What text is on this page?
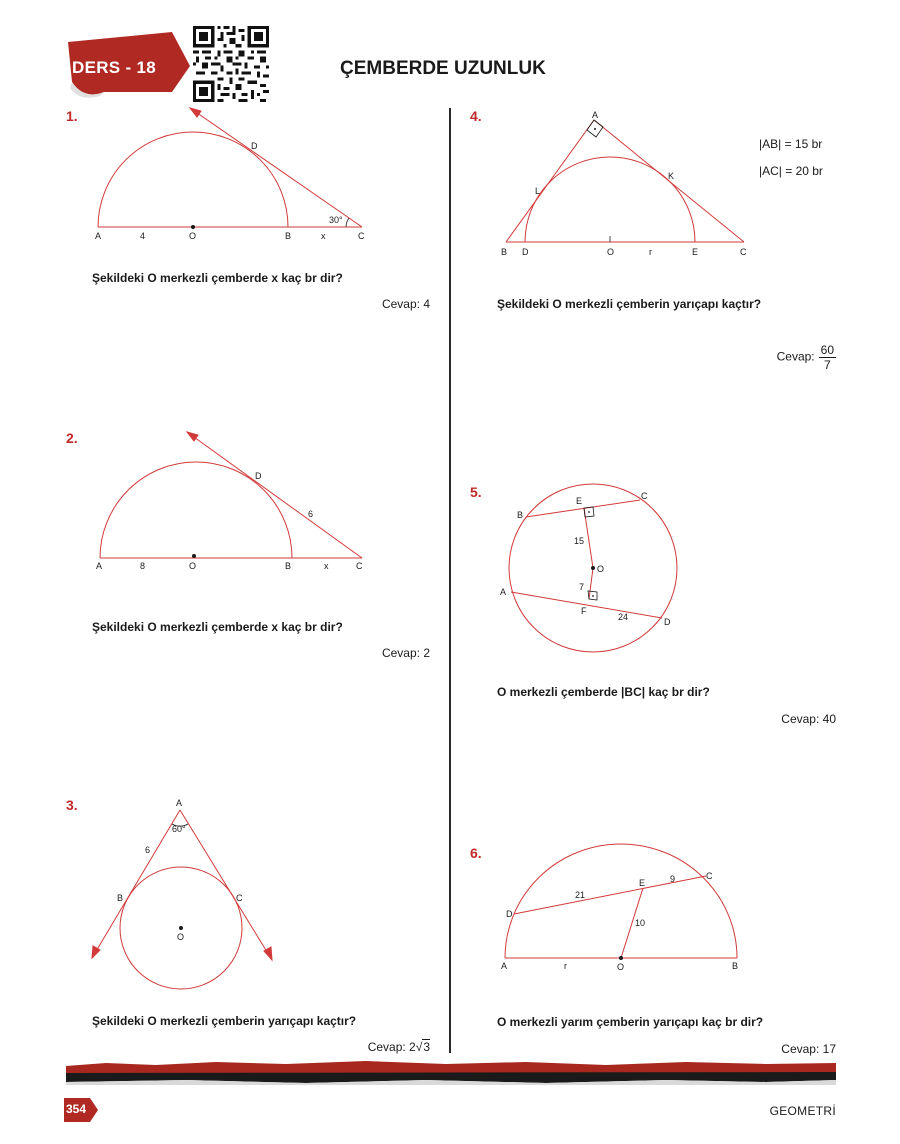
DERS - 18	ÇEMBERDE UZUNLUK
1.
A	4	O	B	x	C
D
30°
Şekildeki O merkezli çemberde x kaç br dir?
Cevap: 4
2.
A	8	O	B	x	C
D
6
Şekildeki O merkezli çemberde x kaç br dir?
Cevap: 2
3.	A
60°
6
B	C
O
Şekildeki O merkezli çemberin yarıçapı kaçtır?
Cevap: 2√3
4.	A
L
K
B D	O	r	E	C
|AB| = 15 br
|AC| = 20 br
Şekildeki O merkezli çemberin yarıçapı kaçtır?
Cevap: $\frac{60}{7}$
5.
E	C
B
15
O
7
A
F
24	D
O merkezli çemberde |BC| kaç br dir?
Cevap: 40
6.
D
21
E	9	C
10
A	r	O	B
O merkezli yarım çemberin yarıçapı kaç br dir?
Cevap: 17
354	GEOMETRİ
